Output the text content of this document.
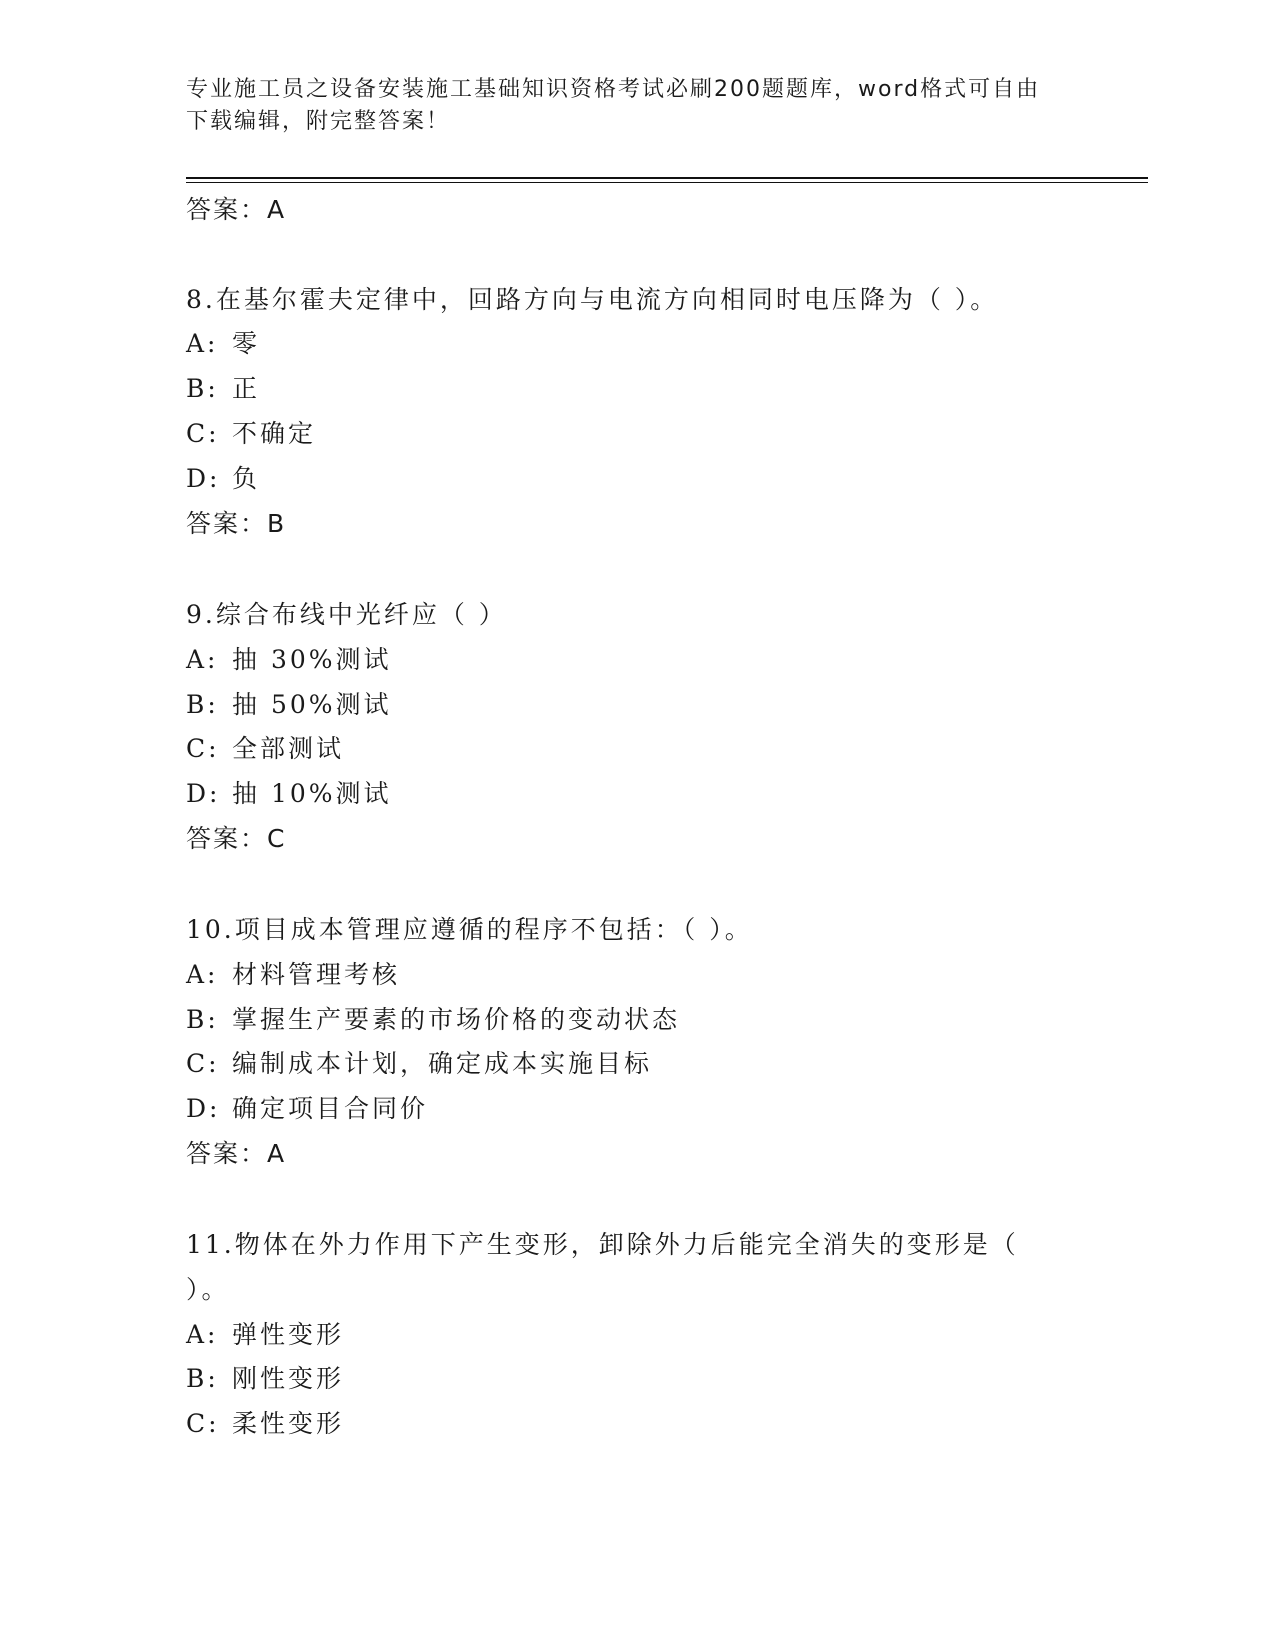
专业施工员之设备安装施工基础知识资格考试必刷200题题库，word格式可自由
下载编辑，附完整答案！
答案：A
8.在基尔霍夫定律中，回路方向与电流方向相同时电压降为（ ）。
A: 零
B: 正
C: 不确定
D: 负
答案：B
9.综合布线中光纤应（ ）
A: 抽 30%测试
B: 抽 50%测试
C: 全部测试
D: 抽 10%测试
答案：C
10.项目成本管理应遵循的程序不包括：（ ）。
A: 材料管理考核
B: 掌握生产要素的市场价格的变动状态
C: 编制成本计划，确定成本实施目标
D: 确定项目合同价
答案：A
11.物体在外力作用下产生变形，卸除外力后能完全消失的变形是（
）。
A: 弹性变形
B: 刚性变形
C: 柔性变形
